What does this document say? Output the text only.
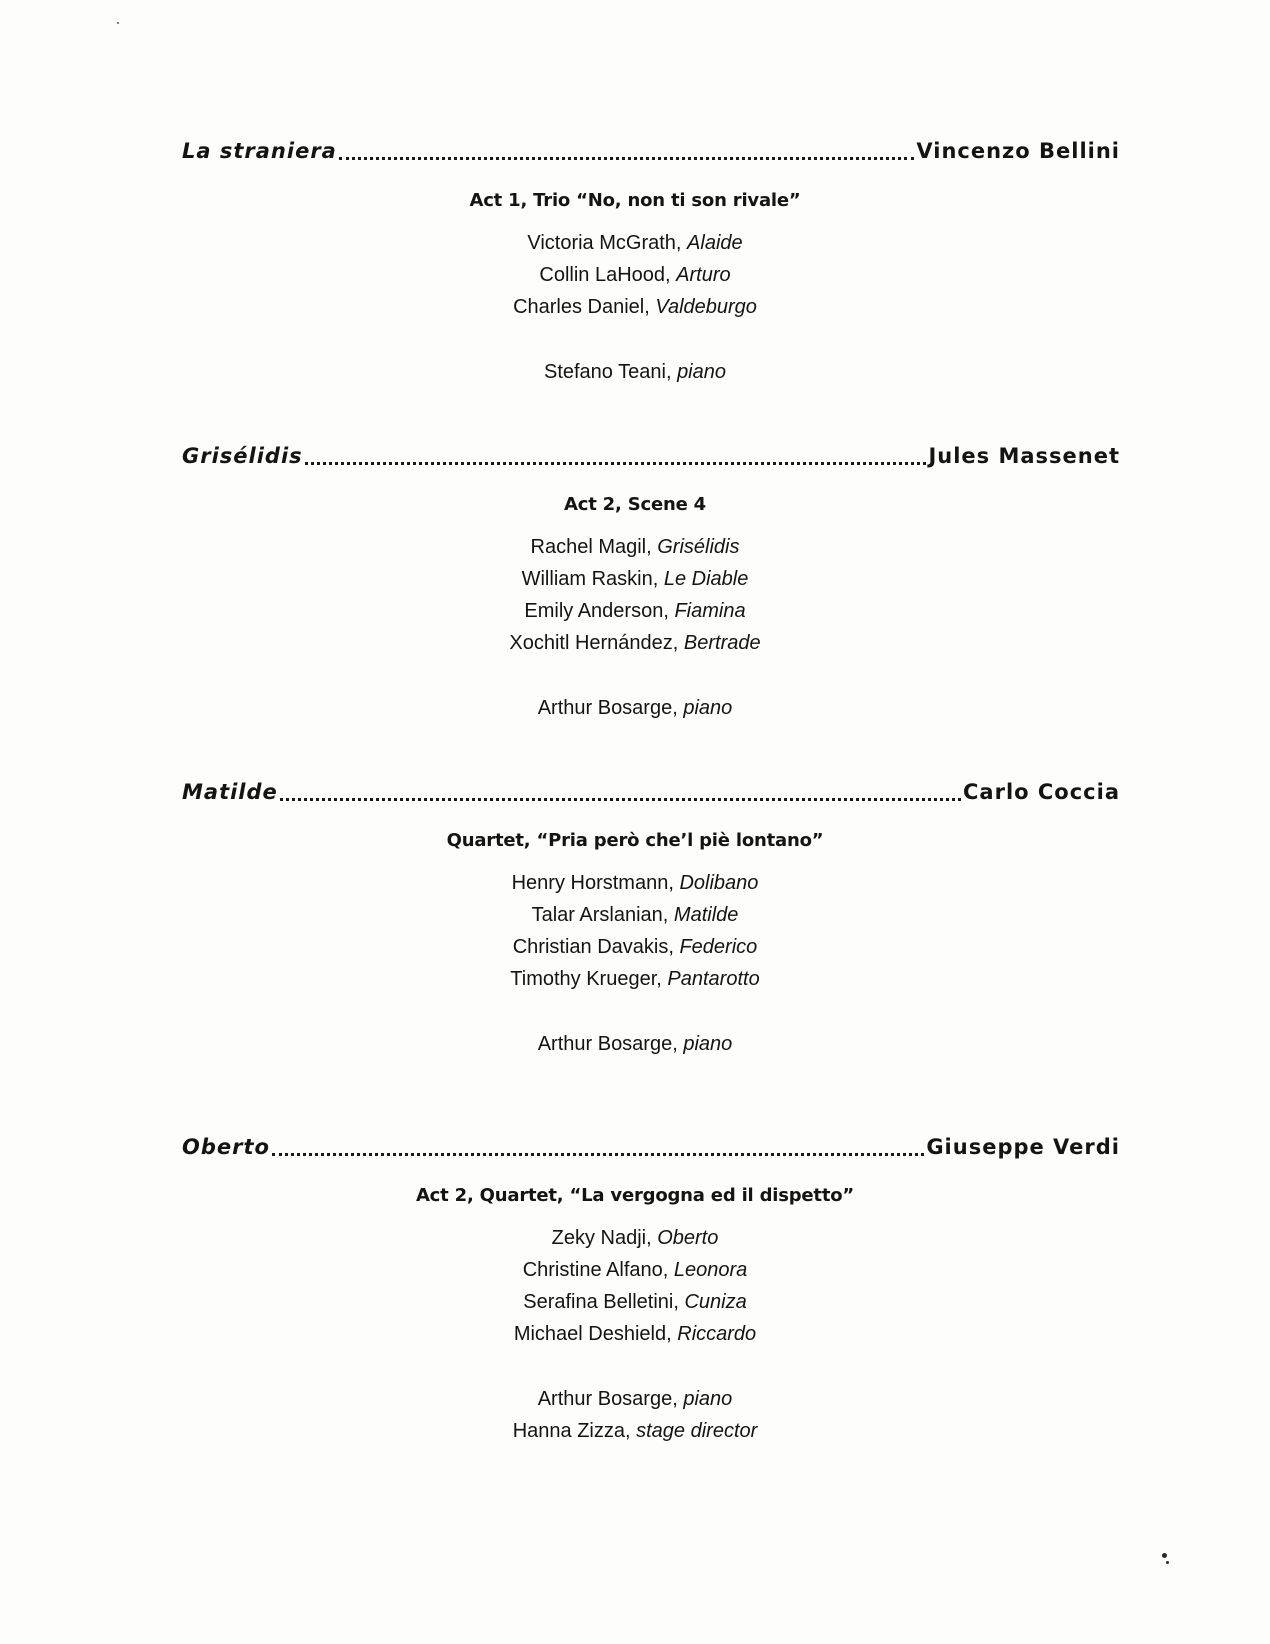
La straniera	Vincenzo Bellini
Act 1, Trio “No, non ti son rivale”
Victoria McGrath, Alaide
Collin LaHood, Arturo
Charles Daniel, Valdeburgo
Stefano Teani, piano
Grisélidis	Jules Massenet
Act 2, Scene 4
Rachel Magil, Grisélidis
William Raskin, Le Diable
Emily Anderson, Fiamina
Xochitl Hernández, Bertrade
Arthur Bosarge, piano
Matilde	Carlo Coccia
Quartet, “Pria però che’l piè lontano”
Henry Horstmann, Dolibano
Talar Arslanian, Matilde
Christian Davakis, Federico
Timothy Krueger, Pantarotto
Arthur Bosarge, piano
Oberto	Giuseppe Verdi
Act 2, Quartet, “La vergogna ed il dispetto”
Zeky Nadji, Oberto
Christine Alfano, Leonora
Serafina Belletini, Cuniza
Michael Deshield, Riccardo
Arthur Bosarge, piano
Hanna Zizza, stage director
